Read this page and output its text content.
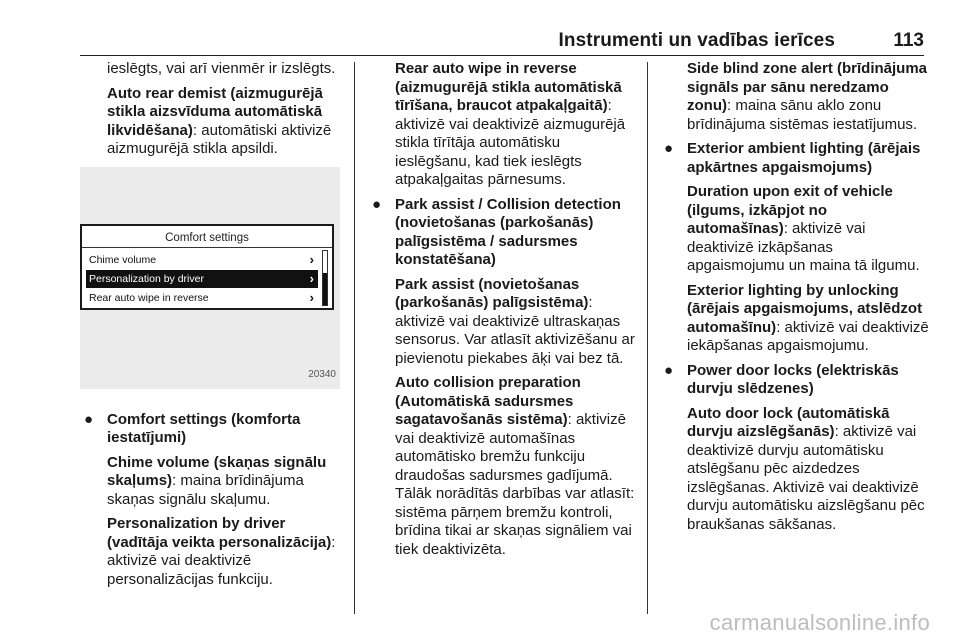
Instrumenti un vadības ierīces	113

ieslēgts, vai arī vienmēr ir izslēgts.

Auto rear demist (aizmugurējā stikla aizsvīduma automātiskā likvidēšana): automātiski aktivizē aizmugurējā stikla apsildi.

Comfort settings
Chime volume	›
Personalization by driver	›
Rear auto wipe in reverse	›
20340
● Comfort settings (komforta iestatījumi)

Chime volume (skaņas signālu skaļums): maina brīdinājuma skaņas signālu skaļumu.

Personalization by driver (vadītāja veikta personalizācija): aktivizē vai deaktivizē personalizācijas funkciju.

Rear auto wipe in reverse (aizmugurējā stikla automātiskā tīrīšana, braucot atpakaļgaitā): aktivizē vai deaktivizē aizmugurējā stikla tīrītāja automātisku ieslēgšanu, kad tiek ieslēgts atpakaļgaitas pārnesums.

● Park assist / Collision detection (novietošanas (parkošanās) palīgsistēma / sadursmes konstatēšana)

Park assist (novietošanas (parkošanās) palīgsistēma): aktivizē vai deaktivizē ultraskaņas sensorus. Var atlasīt aktivizēšanu ar pievienotu piekabes āķi vai bez tā.

Auto collision preparation (Automātiskā sadursmes sagatavošanās sistēma): aktivizē vai deaktivizē automašīnas automātisko bremžu funkciju draudošas sadursmes gadījumā. Tālāk norādītās darbības var atlasīt: sistēma pārņem bremžu kontroli, brīdina tikai ar skaņas signāliem vai tiek deaktivizēta.

Side blind zone alert (brīdinājuma signāls par sānu neredzamo zonu): maina sānu aklo zonu brīdinājuma sistēmas iestatījumus.

● Exterior ambient lighting (ārējais apkārtnes apgaismojums)

Duration upon exit of vehicle (ilgums, izkāpjot no automašīnas): aktivizē vai deaktivizē izkāpšanas apgaismojumu un maina tā ilgumu.

Exterior lighting by unlocking (ārējais apgaismojums, atslēdzot automašīnu): aktivizē vai deaktivizē iekāpšanas apgaismojumu.

● Power door locks (elektriskās durvju slēdzenes)

Auto door lock (automātiskā durvju aizslēgšanās): aktivizē vai deaktivizē durvju automātisku atslēgšanu pēc aizdedzes izslēgšanas. Aktivizē vai deaktivizē durvju automātisku aizslēgšanu pēc braukšanas sākšanas.

carmanualsonline.info
